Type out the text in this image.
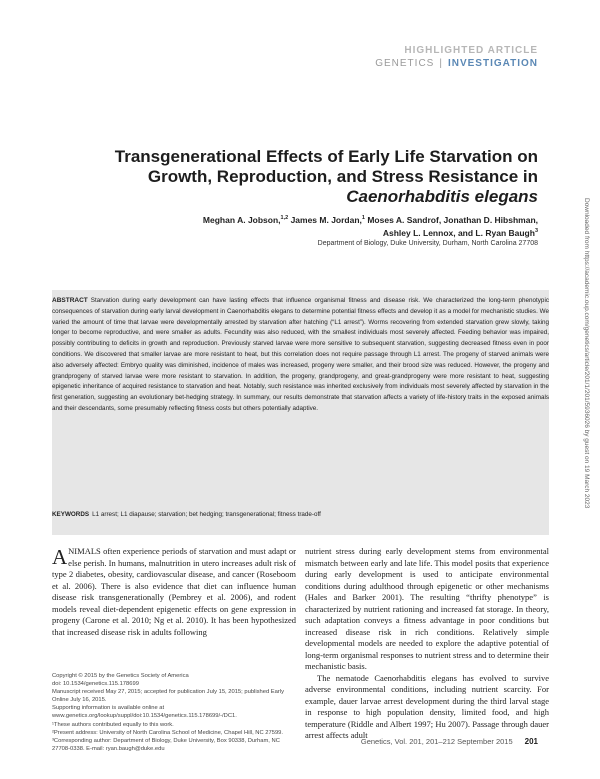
HIGHLIGHTED ARTICLE
GENETICS | INVESTIGATION
Transgenerational Effects of Early Life Starvation on
Growth, Reproduction, and Stress Resistance in
Caenorhabditis elegans
Meghan A. Jobson,$^{1,2}$ James M. Jordan,$^1$ Moses A. Sandrof, Jonathan D. Hibshman,
Ashley L. Lennox, and L. Ryan Baugh$^3$
Department of Biology, Duke University, Durham, North Carolina 27708	Downloaded from https://academic.oup.com/genetics/article/201/1/201/5936026 by guest on 19 March 2023

ABSTRACT Starvation during early development can have lasting effects that influence organismal fitness and disease risk. We characterized the long-term phenotypic consequences of starvation during early larval development in Caenorhabditis elegans to determine potential fitness effects and develop it as a model for mechanistic studies. We varied the amount of time that larvae were developmentally arrested by starvation after hatching (“L1 arrest”). Worms recovering from extended starvation grew slowly, taking longer to become reproductive, and were smaller as adults. Fecundity was also reduced, with the smallest individuals most severely affected. Feeding behavior was impaired, possibly contributing to deficits in growth and reproduction. Previously starved larvae were more sensitive to subsequent starvation, suggesting decreased fitness even in poor conditions. We discovered that smaller larvae are more resistant to heat, but this correlation does not require passage through L1 arrest. The progeny of starved animals were also adversely affected: Embryo quality was diminished, incidence of males was increased, progeny were smaller, and their brood size was reduced. However, the progeny and grandprogeny of starved larvae were more resistant to starvation. In addition, the progeny, grandprogeny, and great-grandprogeny were more resistant to heat, suggesting epigenetic inheritance of acquired resistance to starvation and heat. Notably, such resistance was inherited exclusively from individuals most severely affected by starvation in the first generation, suggesting an evolutionary bet-hedging strategy. In summary, our results demonstrate that starvation affects a variety of life-history traits in the exposed animals and their descendants, some presumably reflecting fitness costs but others potentially adaptive.

KEYWORDS L1 arrest; L1 diapause; starvation; bet hedging; transgenerational; fitness trade-off

ANIMALS often experience periods of starvation and must adapt or else perish. In humans, malnutrition in utero increases adult risk of type 2 diabetes, obesity, cardiovascular disease, and cancer (Roseboom et al. 2006). There is also evidence that diet can influence human disease risk transgenerationally (Pembrey et al. 2006), and rodent models reveal diet-dependent epigenetic effects on gene expression in progeny (Carone et al. 2010; Ng et al. 2010). It has been hypothesized that increased disease risk in adults following

Copyright © 2015 by the Genetics Society of America

doi: 10.1534/genetics.115.178699

Manuscript received May 27, 2015; accepted for publication July 15, 2015; published Early Online July 16, 2015.

Supporting information is available online at www.genetics.org/lookup/suppl/doi:10.1534/genetics.115.178699/-/DC1.

¹These authors contributed equally to this work.

²Present address: University of North Carolina School of Medicine, Chapel Hill, NC 27599.

³Corresponding author: Department of Biology, Duke University, Box 90338, Durham, NC 27708-0338. E-mail: ryan.baugh@duke.edu

nutrient stress during early development stems from environmental mismatch between early and late life. This model posits that experience during early development is used to anticipate environmental conditions during adulthood through epigenetic or other mechanisms (Hales and Barker 2001). The resulting “thrifty phenotype” is characterized by nutrient rationing and increased fat storage. In theory, such adaptation conveys a fitness advantage in poor conditions but increased disease risk in rich conditions. Relatively simple developmental models are needed to explore the adaptive potential of long-term organismal responses to nutrient stress and to determine their mechanistic basis.

The nematode Caenorhabditis elegans has evolved to survive adverse environmental conditions, including nutrient scarcity. For example, dauer larvae arrest development during the third larval stage in response to high population density, limited food, and high temperature (Riddle and Albert 1997; Hu 2007). Passage through dauer arrest affects adult

Genetics, Vol. 201, 201–212 September 2015 201
